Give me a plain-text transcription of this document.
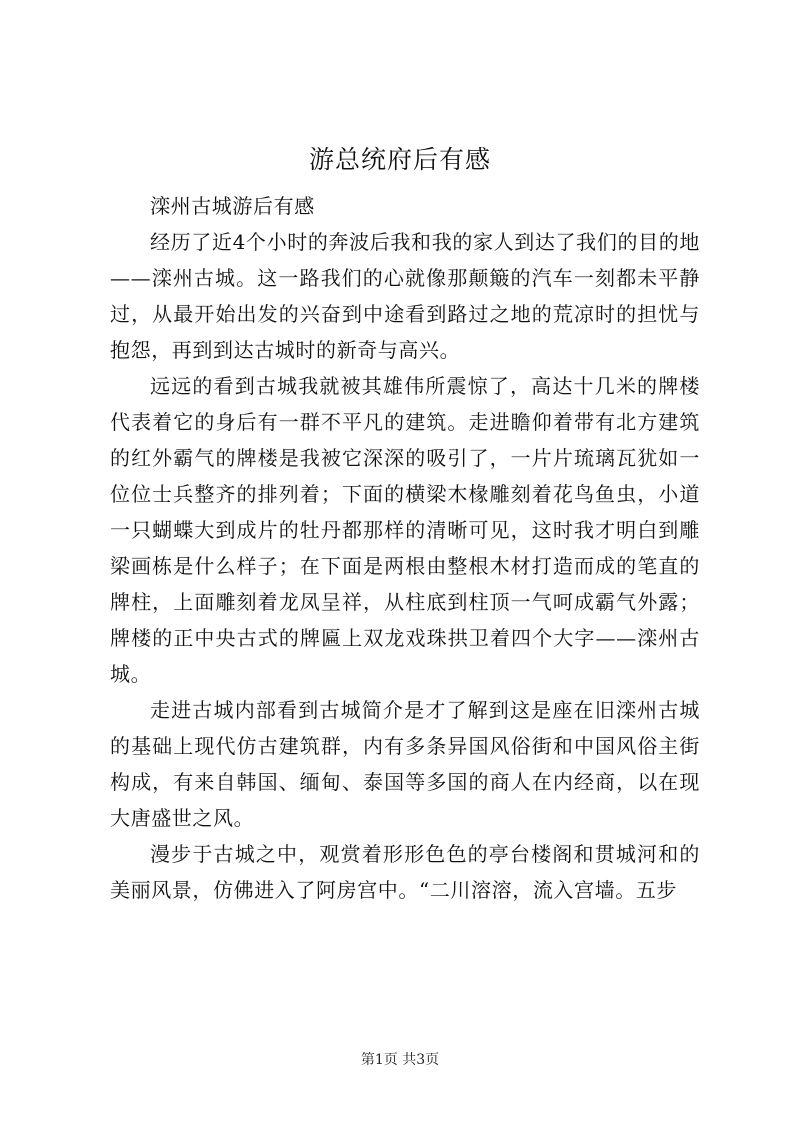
游总统府后有感

滦州古城游后有感

经历了近4个小时的奔波后我和我的家人到达了我们的目的地——滦州古城。这一路我们的心就像那颠簸的汽车一刻都未平静过，从最开始出发的兴奋到中途看到路过之地的荒凉时的担忧与抱怨，再到到达古城时的新奇与高兴。

远远的看到古城我就被其雄伟所震惊了，高达十几米的牌楼代表着它的身后有一群不平凡的建筑。走进瞻仰着带有北方建筑的红外霸气的牌楼是我被它深深的吸引了，一片片琉璃瓦犹如一位位士兵整齐的排列着；下面的横梁木椽雕刻着花鸟鱼虫，小道一只蝴蝶大到成片的牡丹都那样的清晰可见，这时我才明白到雕梁画栋是什么样子；在下面是两根由整根木材打造而成的笔直的牌柱，上面雕刻着龙凤呈祥，从柱底到柱顶一气呵成霸气外露；牌楼的正中央古式的牌匾上双龙戏珠拱卫着四个大字——滦州古城。

走进古城内部看到古城简介是才了解到这是座在旧滦州古城的基础上现代仿古建筑群，内有多条异国风俗街和中国风俗主街构成，有来自韩国、缅甸、泰国等多国的商人在内经商，以在现大唐盛世之风。

漫步于古城之中，观赏着形形色色的亭台楼阁和贯城河和的美丽风景，仿佛进入了阿房宫中。“二川溶溶，流入宫墙。五步

第1页 共3页
